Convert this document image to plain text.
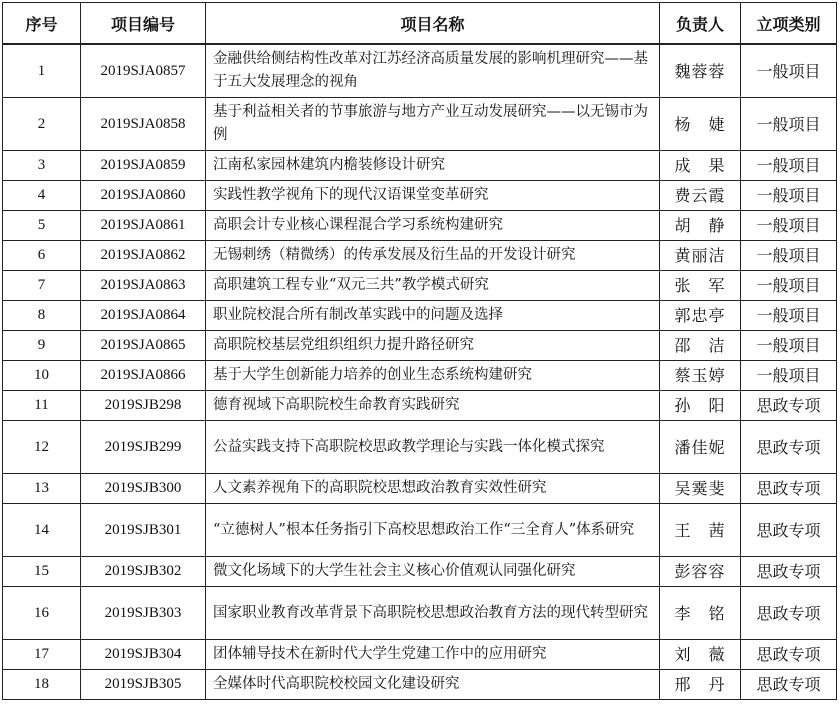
序号	项目编号	项目名称	负责人	立项类别
1	2019SJA0857	金融供给侧结构性改革对江苏经济高质量发展的影响机理研究——基于五大发展理念的视角	魏蓉蓉	一般项目
2	2019SJA0858	基于利益相关者的节事旅游与地方产业互动发展研究——以无锡市为例	杨　婕	一般项目
3	2019SJA0859	江南私家园林建筑内檐装修设计研究	成　果	一般项目
4	2019SJA0860	实践性教学视角下的现代汉语课堂变革研究	费云霞	一般项目
5	2019SJA0861	高职会计专业核心课程混合学习系统构建研究	胡　静	一般项目
6	2019SJA0862	无锡刺绣（精微绣）的传承发展及衍生品的开发设计研究	黄丽洁	一般项目
7	2019SJA0863	高职建筑工程专业“双元三共”教学模式研究	张　军	一般项目
8	2019SJA0864	职业院校混合所有制改革实践中的问题及选择	郭忠亭	一般项目
9	2019SJA0865	高职院校基层党组织组织力提升路径研究	邵　洁	一般项目
10	2019SJA0866	基于大学生创新能力培养的创业生态系统构建研究	蔡玉婷	一般项目
11	2019SJB298	德育视域下高职院校生命教育实践研究	孙　阳	思政专项
12	2019SJB299	公益实践支持下高职院校思政教学理论与实践一体化模式探究	潘佳妮	思政专项
13	2019SJB300	人文素养视角下的高职院校思想政治教育实效性研究	吴霙斐	思政专项
14	2019SJB301	“立德树人”根本任务指引下高校思想政治工作“三全育人”体系研究	王　茜	思政专项
15	2019SJB302	微文化场域下的大学生社会主义核心价值观认同强化研究	彭容容	思政专项
16	2019SJB303	国家职业教育改革背景下高职院校思想政治教育方法的现代转型研究	李　铭	思政专项
17	2019SJB304	团体辅导技术在新时代大学生党建工作中的应用研究	刘　薇	思政专项
18	2019SJB305	全媒体时代高职院校校园文化建设研究	邢　丹	思政专项
